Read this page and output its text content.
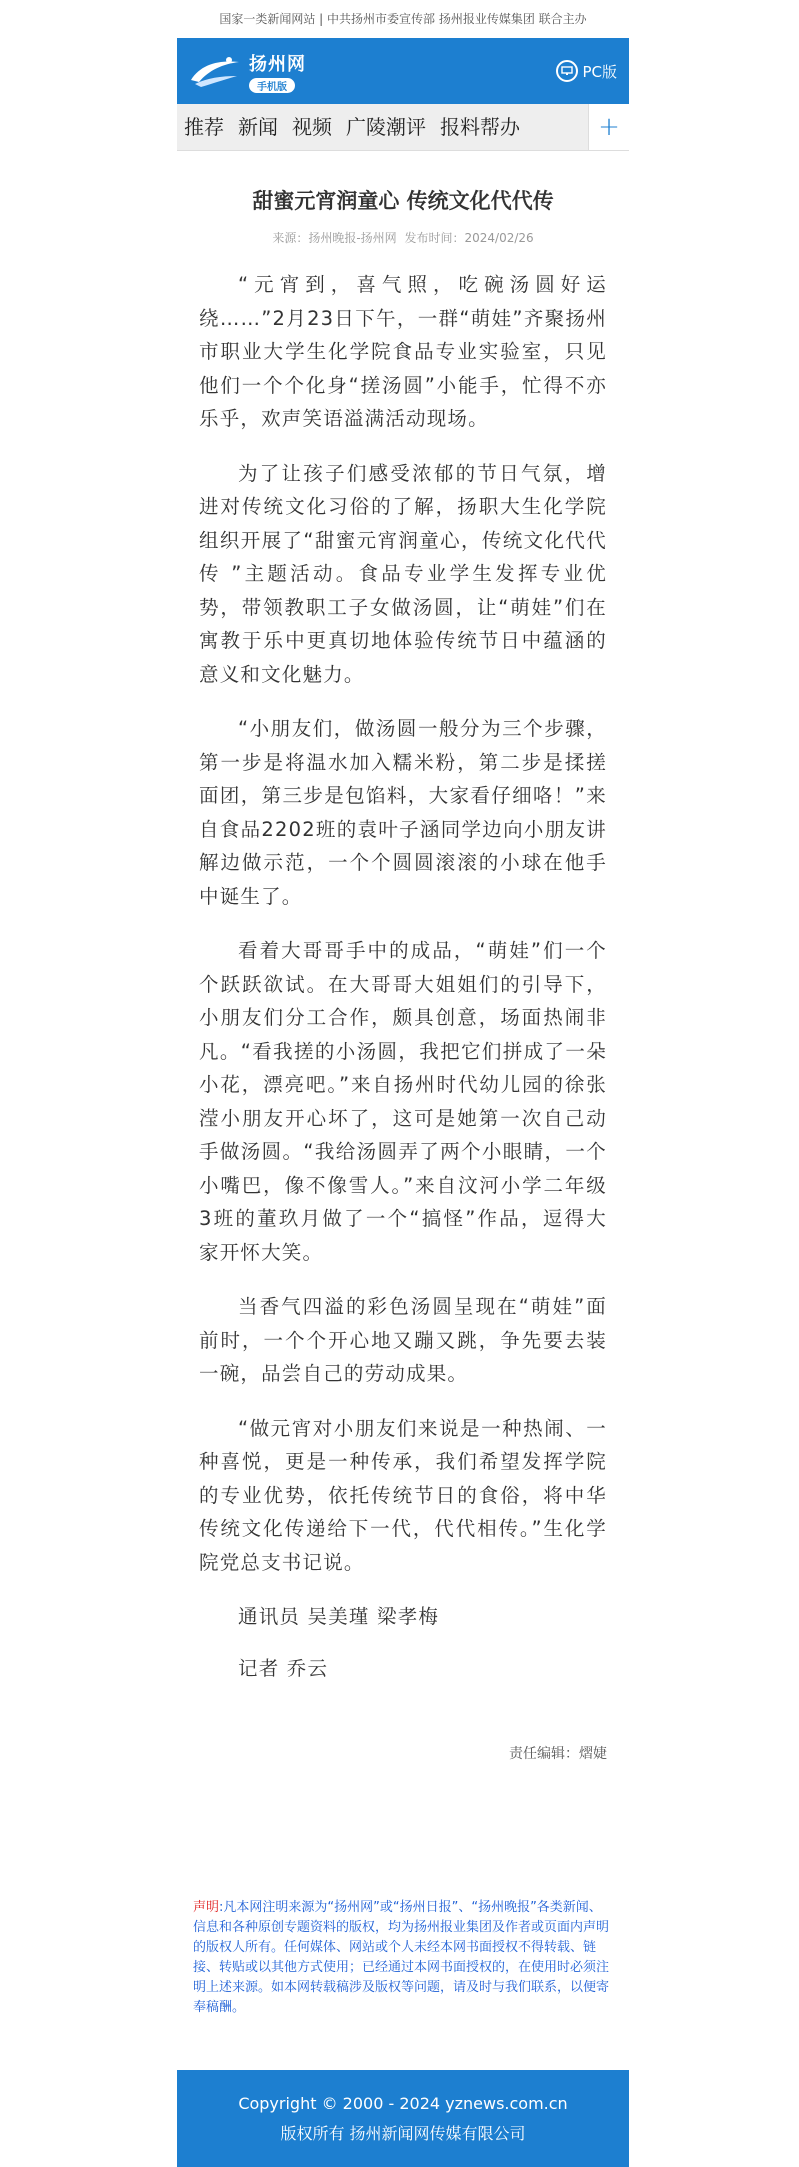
国家一类新闻网站 | 中共扬州市委宣传部 扬州报业传媒集团 联合主办
扬州网
手机版
PC版
推荐 新闻 视频 广陵潮评 报料帮办	+
甜蜜元宵润童心 传统文化代代传
来源：扬州晚报-扬州网 发布时间：2024/02/26

“元宵到，喜气照，吃碗汤圆好运绕……”2月23日下午，一群“萌娃”齐聚扬州市职业大学生化学院食品专业实验室，只见他们一个个化身“搓汤圆”小能手，忙得不亦乐乎，欢声笑语溢满活动现场。

为了让孩子们感受浓郁的节日气氛，增进对传统文化习俗的了解，扬职大生化学院组织开展了“甜蜜元宵润童心，传统文化代代传 ”主题活动。食品专业学生发挥专业优势，带领教职工子女做汤圆，让“萌娃”们在寓教于乐中更真切地体验传统节日中蕴涵的意义和文化魅力。

“小朋友们，做汤圆一般分为三个步骤，第一步是将温水加入糯米粉，第二步是揉搓面团，第三步是包馅料，大家看仔细咯！”来自食品2202班的袁叶子涵同学边向小朋友讲解边做示范，一个个圆圆滚滚的小球在他手中诞生了。

看着大哥哥手中的成品，“萌娃”们一个个跃跃欲试。在大哥哥大姐姐们的引导下，小朋友们分工合作，颇具创意，场面热闹非凡。“看我搓的小汤圆，我把它们拼成了一朵小花，漂亮吧。”来自扬州时代幼儿园的徐张滢小朋友开心坏了，这可是她第一次自己动手做汤圆。“我给汤圆弄了两个小眼睛，一个小嘴巴，像不像雪人。”来自汶河小学二年级3班的董玖月做了一个“搞怪”作品，逗得大家开怀大笑。

当香气四溢的彩色汤圆呈现在“萌娃”面前时，一个个开心地又蹦又跳，争先要去装一碗，品尝自己的劳动成果。

“做元宵对小朋友们来说是一种热闹、一种喜悦，更是一种传承，我们希望发挥学院的专业优势，依托传统节日的食俗，将中华传统文化传递给下一代，代代相传。”生化学院党总支书记说。

通讯员 吴美瑾 梁孝梅

记者 乔云

责任编辑：熠婕
声明:凡本网注明来源为“扬州网”或“扬州日报”、“扬州晚报”各类新闻、信息和各种原创专题资料的版权，均为扬州报业集团及作者或页面内声明的版权人所有。任何媒体、网站或个人未经本网书面授权不得转载、链接、转贴或以其他方式使用；已经通过本网书面授权的，在使用时必须注明上述来源。如本网转载稿涉及版权等问题，请及时与我们联系，以便寄奉稿酬。
Copyright © 2000 - 2024 yznews.com.cn
版权所有 扬州新闻网传媒有限公司
